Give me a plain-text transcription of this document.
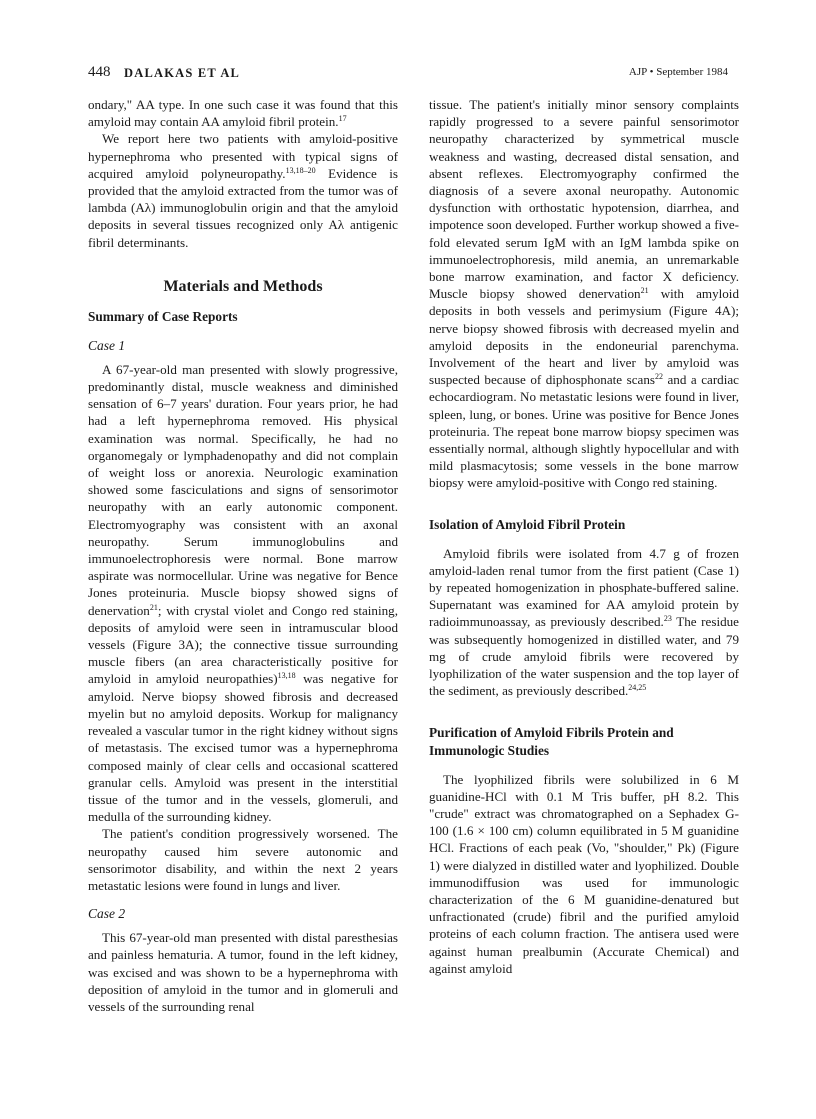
448 DALAKAS ET AL	AJP • September 1984

ondary," AA type. In one such case it was found that this amyloid may contain AA amyloid fibril protein.$^{17}$

We report here two patients with amyloid-positive hypernephroma who presented with typical signs of acquired amyloid polyneuropathy.$^{13,18-20}$ Evidence is provided that the amyloid extracted from the tumor was of lambda (Aλ) immunoglobulin origin and that the amyloid deposits in several tissues recognized only Aλ antigenic fibril determinants.

Materials and Methods
Summary of Case Reports
Case 1

A 67-year-old man presented with slowly progressive, predominantly distal, muscle weakness and diminished sensation of 6–7 years' duration. Four years prior, he had had a left hypernephroma removed. His physical examination was normal. Specifically, he had no organomegaly or lymphadenopathy and did not complain of weight loss or anorexia. Neurologic examination showed some fasciculations and signs of sensorimotor neuropathy with an early autonomic component. Electromyography was consistent with an axonal neuropathy. Serum immunoglobulins and immunoelectrophoresis were normal. Bone marrow aspirate was normocellular. Urine was negative for Bence Jones proteinuria. Muscle biopsy showed signs of denervation$^{21}$; with crystal violet and Congo red staining, deposits of amyloid were seen in intramuscular blood vessels (Figure 3A); the connective tissue surrounding muscle fibers (an area characteristically positive for amyloid in amyloid neuropathies)$^{13,18}$ was negative for amyloid. Nerve biopsy showed fibrosis and decreased myelin but no amyloid deposits. Workup for malignancy revealed a vascular tumor in the right kidney without signs of metastasis. The excised tumor was a hypernephroma composed mainly of clear cells and occasional scattered granular cells. Amyloid was present in the interstitial tissue of the tumor and in the vessels, glomeruli, and medulla of the surrounding kidney.

The patient's condition progressively worsened. The neuropathy caused him severe autonomic and sensorimotor disability, and within the next 2 years metastatic lesions were found in lungs and liver.

Case 2

This 67-year-old man presented with distal paresthesias and painless hematuria. A tumor, found in the left kidney, was excised and was shown to be a hypernephroma with deposition of amyloid in the tumor and in glomeruli and vessels of the surrounding renal

tissue. The patient's initially minor sensory complaints rapidly progressed to a severe painful sensorimotor neuropathy characterized by symmetrical muscle weakness and wasting, decreased distal sensation, and absent reflexes. Electromyography confirmed the diagnosis of a severe axonal neuropathy. Autonomic dysfunction with orthostatic hypotension, diarrhea, and impotence soon developed. Further workup showed a five-fold elevated serum IgM with an IgM lambda spike on immunoelectrophoresis, mild anemia, an unremarkable bone marrow examination, and factor X deficiency. Muscle biopsy showed denervation$^{21}$ with amyloid deposits in both vessels and perimysium (Figure 4A); nerve biopsy showed fibrosis with decreased myelin and amyloid deposits in the endoneurial parenchyma. Involvement of the heart and liver by amyloid was suspected because of diphosphonate scans$^{22}$ and a cardiac echocardiogram. No metastatic lesions were found in liver, spleen, lung, or bones. Urine was positive for Bence Jones proteinuria. The repeat bone marrow biopsy specimen was essentially normal, although slightly hypocellular and with mild plasmacytosis; some vessels in the bone marrow biopsy were amyloid-positive with Congo red staining.

Isolation of Amyloid Fibril Protein

Amyloid fibrils were isolated from 4.7 g of frozen amyloid-laden renal tumor from the first patient (Case 1) by repeated homogenization in phosphate-buffered saline. Supernatant was examined for AA amyloid protein by radioimmunoassay, as previously described.$^{23}$ The residue was subsequently homogenized in distilled water, and 79 mg of crude amyloid fibrils were recovered by lyophilization of the water suspension and the top layer of the sediment, as previously described.$^{24,25}$

Purification of Amyloid Fibrils Protein and Immunologic Studies

The lyophilized fibrils were solubilized in 6 M guanidine-HCl with 0.1 M Tris buffer, pH 8.2. This "crude" extract was chromatographed on a Sephadex G-100 (1.6 × 100 cm) column equilibrated in 5 M guanidine HCl. Fractions of each peak (Vo, "shoulder," Pk) (Figure 1) were dialyzed in distilled water and lyophilized. Double immunodiffusion was used for immunologic characterization of the 6 M guanidine-denatured but unfractionated (crude) fibril and the purified amyloid proteins of each column fraction. The antisera used were against human prealbumin (Accurate Chemical) and against amyloid
